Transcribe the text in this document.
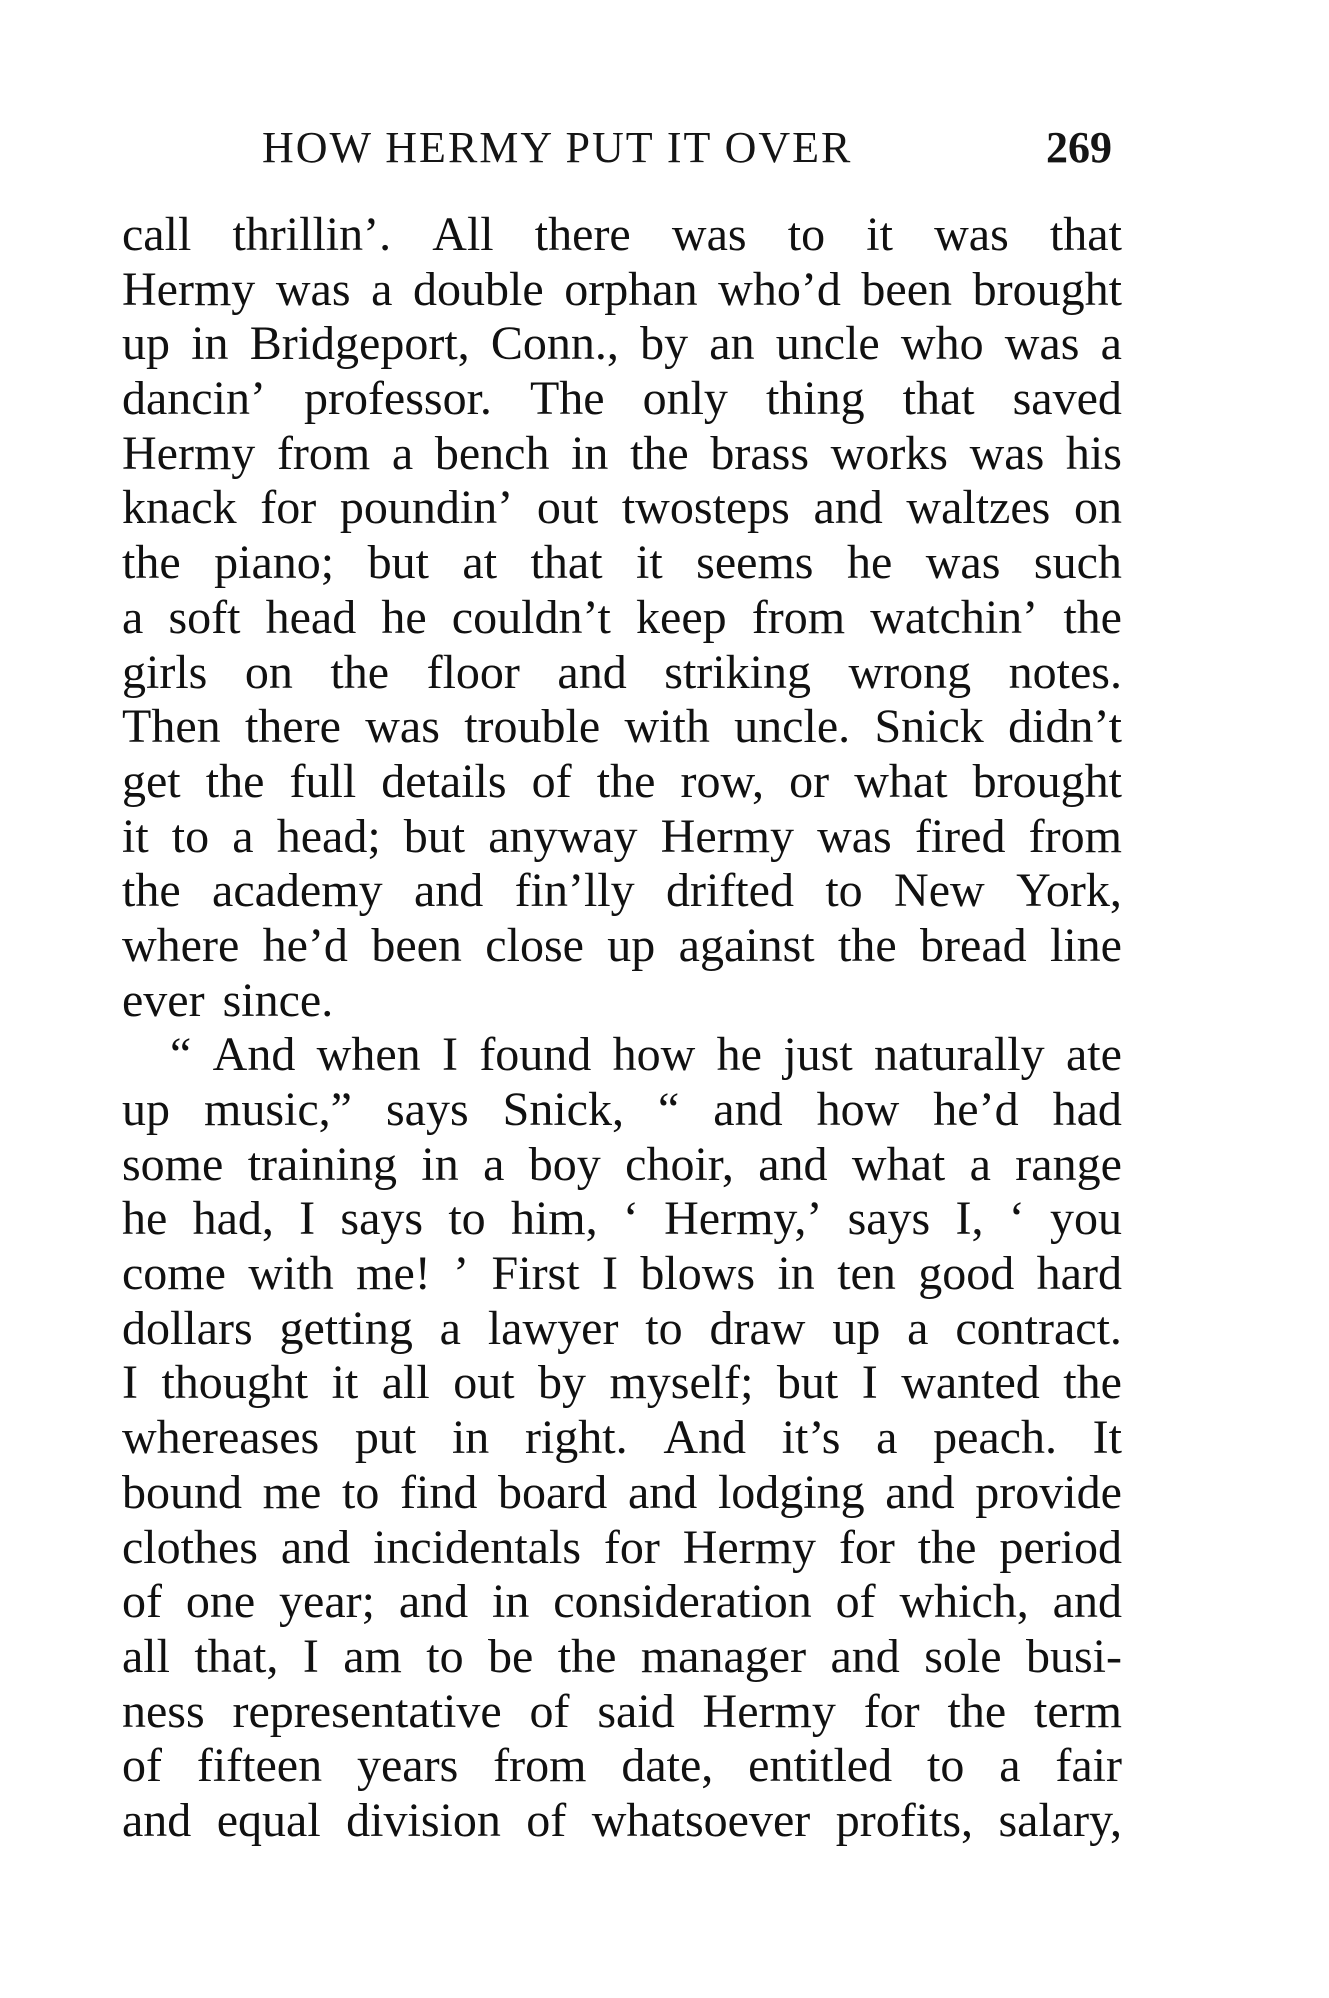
HOW HERMY PUT IT OVER	269
call thrillin’. All there was to it was that
Hermy was a double orphan who’d been brought
up in Bridgeport, Conn., by an uncle who was a
dancin’ professor. The only thing that saved
Hermy from a bench in the brass works was his
knack for poundin’ out twosteps and waltzes on
the piano; but at that it seems he was such
a soft head he couldn’t keep from watchin’ the
girls on the floor and striking wrong notes.
Then there was trouble with uncle. Snick didn’t
get the full details of the row, or what brought
it to a head; but anyway Hermy was fired from
the academy and fin’lly drifted to New York,
where he’d been close up against the bread line
ever since.
“ And when I found how he just naturally ate
up music,” says Snick, “ and how he’d had
some training in a boy choir, and what a range
he had, I says to him, ‘ Hermy,’ says I, ‘ you
come with me! ’ First I blows in ten good hard
dollars getting a lawyer to draw up a contract.
I thought it all out by myself; but I wanted the
whereases put in right. And it’s a peach. It
bound me to find board and lodging and provide
clothes and incidentals for Hermy for the period
of one year; and in consideration of which, and
all that, I am to be the manager and sole busi-
ness representative of said Hermy for the term
of fifteen years from date, entitled to a fair
and equal division of whatsoever profits, salary,
